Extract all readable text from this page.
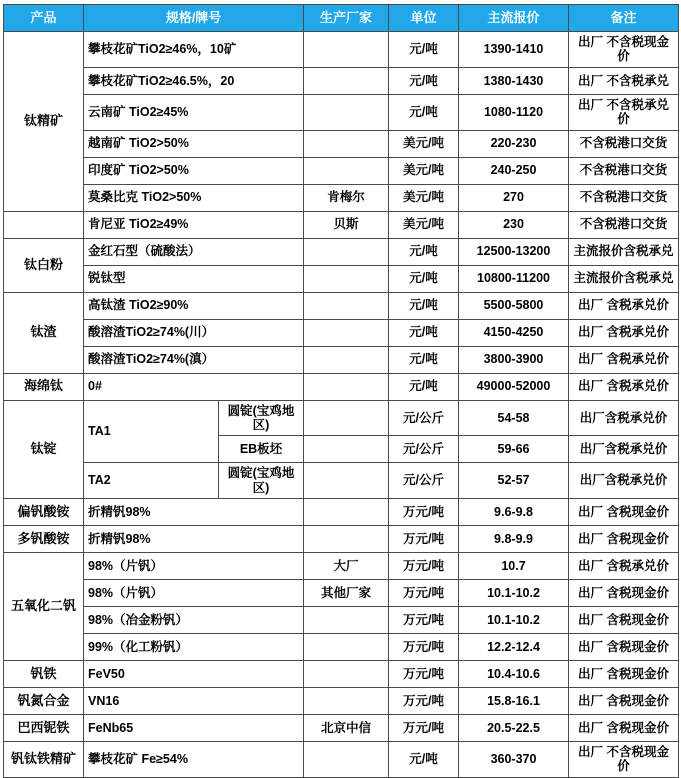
产品	规格/牌号		生产厂家	单位	主流报价	备注
钛精矿	攀枝花矿TiO2≥46%，10矿			元/吨	1390-1410	出厂 不含税现金价
	攀枝花矿TiO2≥46.5%，20			元/吨	1380-1430	出厂 不含税承兑
	云南矿 TiO2≥45%			元/吨	1080-1120	出厂 不含税承兑价
	越南矿 TiO2>50%			美元/吨	220-230	不含税港口交货
	印度矿 TiO2>50%			美元/吨	240-250	不含税港口交货
	莫桑比克 TiO2>50%		肯梅尔	美元/吨	270	不含税港口交货
	肯尼亚 TiO2≥49%		贝斯	美元/吨	230	不含税港口交货
钛白粉	金红石型（硫酸法）			元/吨	12500-13200	主流报价含税承兑
	锐钛型			元/吨	10800-11200	主流报价含税承兑
钛渣	高钛渣 TiO2≥90%			元/吨	5500-5800	出厂 含税承兑价
	酸溶渣TiO2≥74%(川）			元/吨	4150-4250	出厂 含税承兑价
	酸溶渣TiO2≥74%(滇）			元/吨	3800-3900	出厂 含税承兑价
海绵钛	0#			元/吨	49000-52000	出厂 含税承兑价
钛锭	TA1	圆锭(宝鸡地区)		元/公斤	54-58	出厂含税承兑价
		EB板坯		元/公斤	59-66	出厂含税承兑价
	TA2	圆锭(宝鸡地区)		元/公斤	52-57	出厂含税承兑价
偏钒酸铵	折精钒98%			万元/吨	9.6-9.8	出厂 含税现金价
多钒酸铵	折精钒98%			万元/吨	9.8-9.9	出厂 含税现金价
五氧化二钒	98%（片钒）		大厂	万元/吨	10.7	出厂 含税承兑价
	98%（片钒）		其他厂家	万元/吨	10.1-10.2	出厂 含税现金价
	98%（冶金粉钒）			万元/吨	10.1-10.2	出厂 含税现金价
	99%（化工粉钒）			万元/吨	12.2-12.4	出厂 含税现金价
钒铁	FeV50			万元/吨	10.4-10.6	出厂 含税现金价
钒氮合金	VN16			万元/吨	15.8-16.1	出厂 含税现金价
巴西铌铁	FeNb65		北京中信	万元/吨	20.5-22.5	出厂 含税现金价
钒钛铁精矿	攀枝花矿 Fe≥54%			元/吨	360-370	出厂 不含税现金价
